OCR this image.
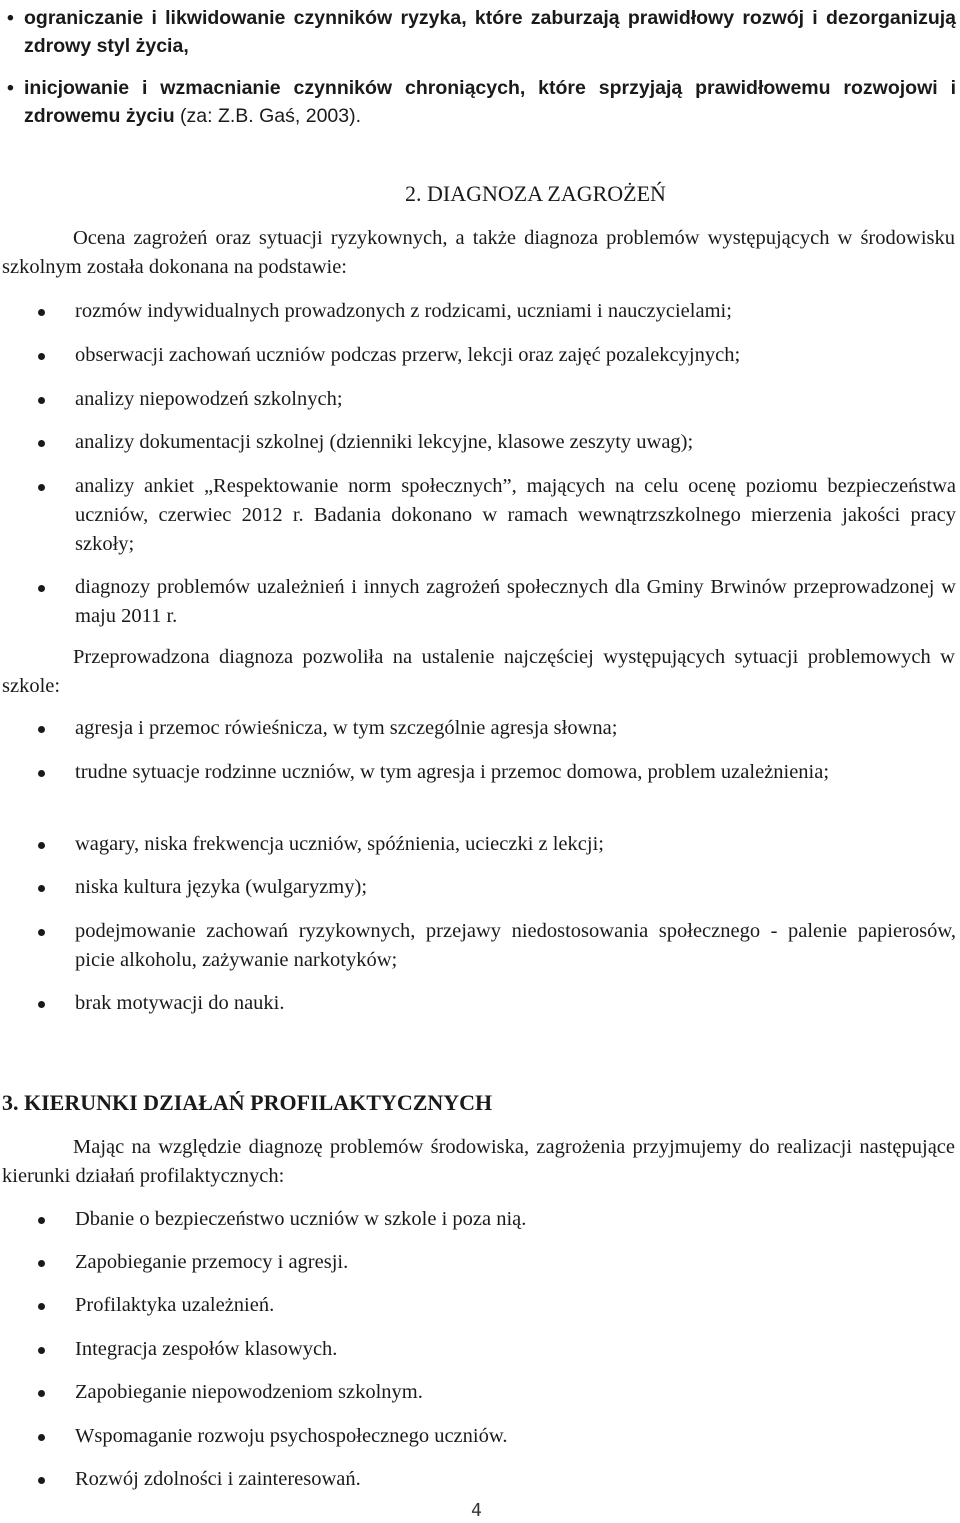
• ograniczanie i likwidowanie czynników ryzyka, które zaburzają prawidłowy rozwój i dezorganizują zdrowy styl życia,
• inicjowanie i wzmacnianie czynników chroniących, które sprzyjają prawidłowemu rozwojowi i zdrowemu życiu (za: Z.B. Gaś, 2003).
2. DIAGNOZA ZAGROŻEŃ
Ocena zagrożeń oraz sytuacji ryzykownych, a także diagnoza problemów występujących w środowisku szkolnym została dokonana na podstawie:
rozmów indywidualnych prowadzonych z rodzicami, uczniami i nauczycielami;
obserwacji zachowań uczniów podczas przerw, lekcji oraz zajęć pozalekcyjnych;
analizy niepowodzeń szkolnych;
analizy dokumentacji szkolnej (dzienniki lekcyjne, klasowe zeszyty uwag);
analizy ankiet „Respektowanie norm społecznych”, mających na celu ocenę poziomu bezpieczeństwa uczniów, czerwiec 2012 r. Badania dokonano w ramach wewnątrzszkolnego mierzenia jakości pracy szkoły;
diagnozy problemów uzależnień i innych zagrożeń społecznych dla Gminy Brwinów przeprowadzonej w maju 2011 r.
Przeprowadzona diagnoza pozwoliła na ustalenie najczęściej występujących sytuacji problemowych w szkole:
agresja i przemoc rówieśnicza, w tym szczególnie agresja słowna;
trudne sytuacje rodzinne uczniów, w tym agresja i przemoc domowa, problem uzależnienia;
wagary, niska frekwencja uczniów, spóźnienia, ucieczki z lekcji;
niska kultura języka (wulgaryzmy);
podejmowanie zachowań ryzykownych, przejawy niedostosowania społecznego - palenie papierosów, picie alkoholu, zażywanie narkotyków;
brak motywacji do nauki.
3. KIERUNKI DZIAŁAŃ PROFILAKTYCZNYCH
Mając na względzie diagnozę problemów środowiska, zagrożenia przyjmujemy do realizacji następujące kierunki działań profilaktycznych:
Dbanie o bezpieczeństwo uczniów w szkole i poza nią.
Zapobieganie przemocy i agresji.
Profilaktyka uzależnień.
Integracja zespołów klasowych.
Zapobieganie niepowodzeniom szkolnym.
Wspomaganie rozwoju psychospołecznego uczniów.
Rozwój zdolności i zainteresowań.
4
